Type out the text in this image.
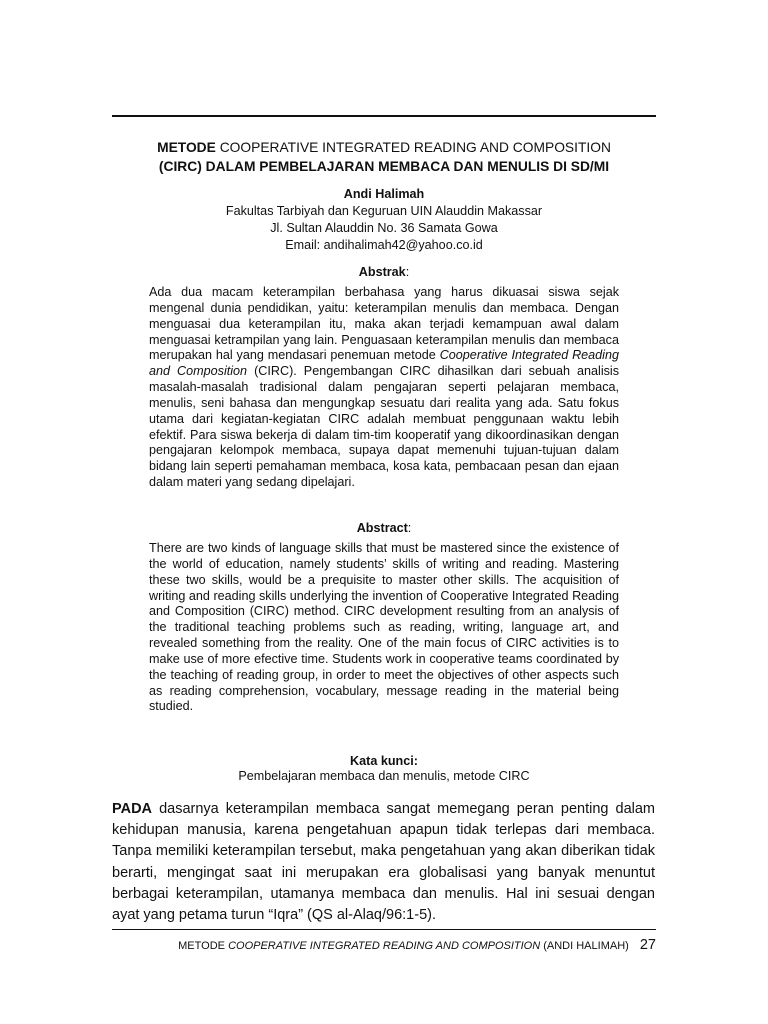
METODE COOPERATIVE INTEGRATED READING AND COMPOSITION
(CIRC) DALAM PEMBELAJARAN MEMBACA DAN MENULIS DI SD/MI
Andi Halimah
Fakultas Tarbiyah dan Keguruan UIN Alauddin Makassar
Jl. Sultan Alauddin No. 36 Samata Gowa
Email: andihalimah42@yahoo.co.id
Abstrak:

Ada dua macam keterampilan berbahasa yang harus dikuasai siswa sejak mengenal dunia pendidikan, yaitu: keterampilan menulis dan membaca. Dengan menguasai dua keterampilan itu, maka akan terjadi kemampuan awal dalam menguasai ketrampilan yang lain. Penguasaan keterampilan menulis dan membaca merupakan hal yang mendasari penemuan metode Cooperative Integrated Reading and Composition (CIRC). Pengembangan CIRC dihasilkan dari sebuah analisis masalah-masalah tradisional dalam pengajaran seperti pelajaran membaca, menulis, seni bahasa dan mengungkap sesuatu dari realita yang ada. Satu fokus utama dari kegiatan-kegiatan CIRC adalah membuat penggunaan waktu lebih efektif. Para siswa bekerja di dalam tim-tim kooperatif yang dikoordinasikan dengan pengajaran kelompok membaca, supaya dapat memenuhi tujuan-tujuan dalam bidang lain seperti pemahaman membaca, kosa kata, pembacaan pesan dan ejaan dalam materi yang sedang dipelajari.

Abstract:

There are two kinds of language skills that must be mastered since the existence of the world of education, namely students’ skills of writing and reading. Mastering these two skills, would be a prequisite to master other skills. The acquisition of writing and reading skills underlying the invention of Cooperative Integrated Reading and Composition (CIRC) method. CIRC development resulting from an analysis of the traditional teaching problems such as reading, writing, language art, and revealed something from the reality. One of the main focus of CIRC activities is to make use of more efective time. Students work in cooperative teams coordinated by the teaching of reading group, in order to meet the objectives of other aspects such as reading comprehension, vocabulary, message reading in the material being studied.

Kata kunci:
Pembelajaran membaca dan menulis, metode CIRC

PADA dasarnya keterampilan membaca sangat memegang peran penting dalam kehidupan manusia, karena pengetahuan apapun tidak terlepas dari membaca. Tanpa memiliki keterampilan tersebut, maka pengetahuan yang akan diberikan tidak berarti, mengingat saat ini merupakan era globalisasi yang banyak menuntut berbagai keterampilan, utamanya membaca dan menulis. Hal ini sesuai dengan ayat yang petama turun “Iqra” (QS al-Alaq/96:1-5).

METODE COOPERATIVE INTEGRATED READING AND COMPOSITION (ANDI HALIMAH) 27
